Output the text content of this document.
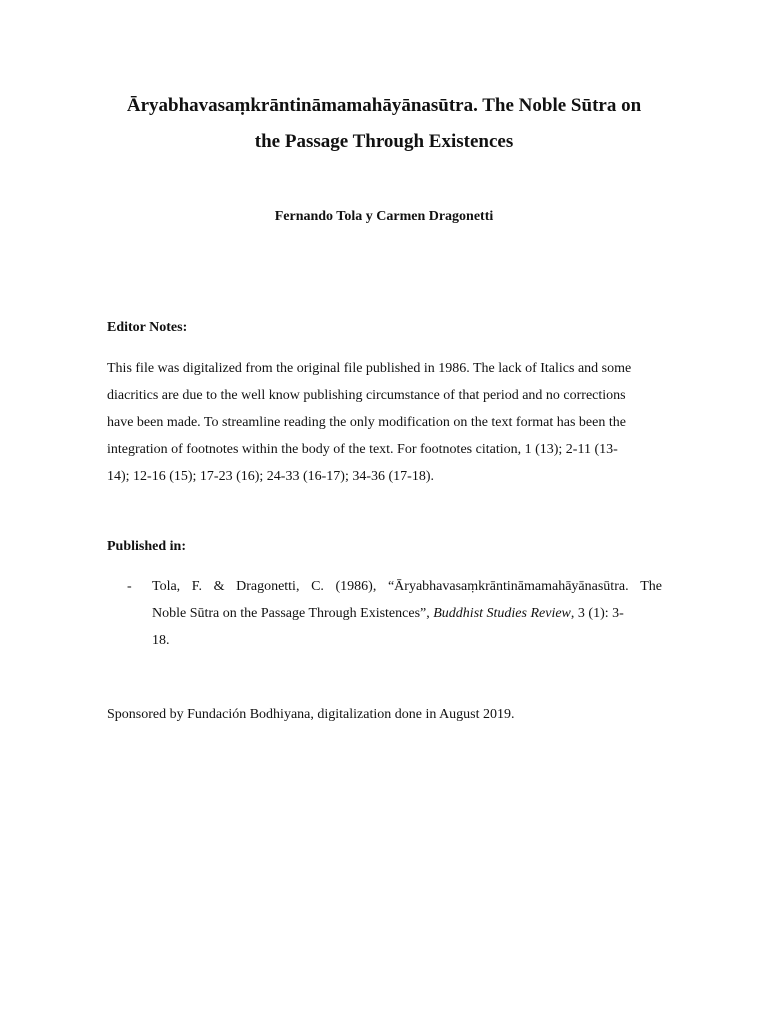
Āryabhavasaṃkrāntināmamahāyānasūtra. The Noble Sūtra on
the Passage Through Existences

Fernando Tola y Carmen Dragonetti

Editor Notes:

This file was digitalized from the original file published in 1986. The lack of Italics and some
diacritics are due to the well know publishing circumstance of that period and no corrections
have been made. To streamline reading the only modification on the text format has been the
integration of footnotes within the body of the text. For footnotes citation, 1 (13); 2-11 (13-
14); 12-16 (15); 17-23 (16); 24-33 (16-17); 34-36 (17-18).

Published in:

- Tola, F. & Dragonetti, C. (1986), “Āryabhavasaṃkrāntināmamahāyānasūtra. The
Noble Sūtra on the Passage Through Existences”, Buddhist Studies Review, 3 (1): 3-
18.

Sponsored by Fundación Bodhiyana, digitalization done in August 2019.
